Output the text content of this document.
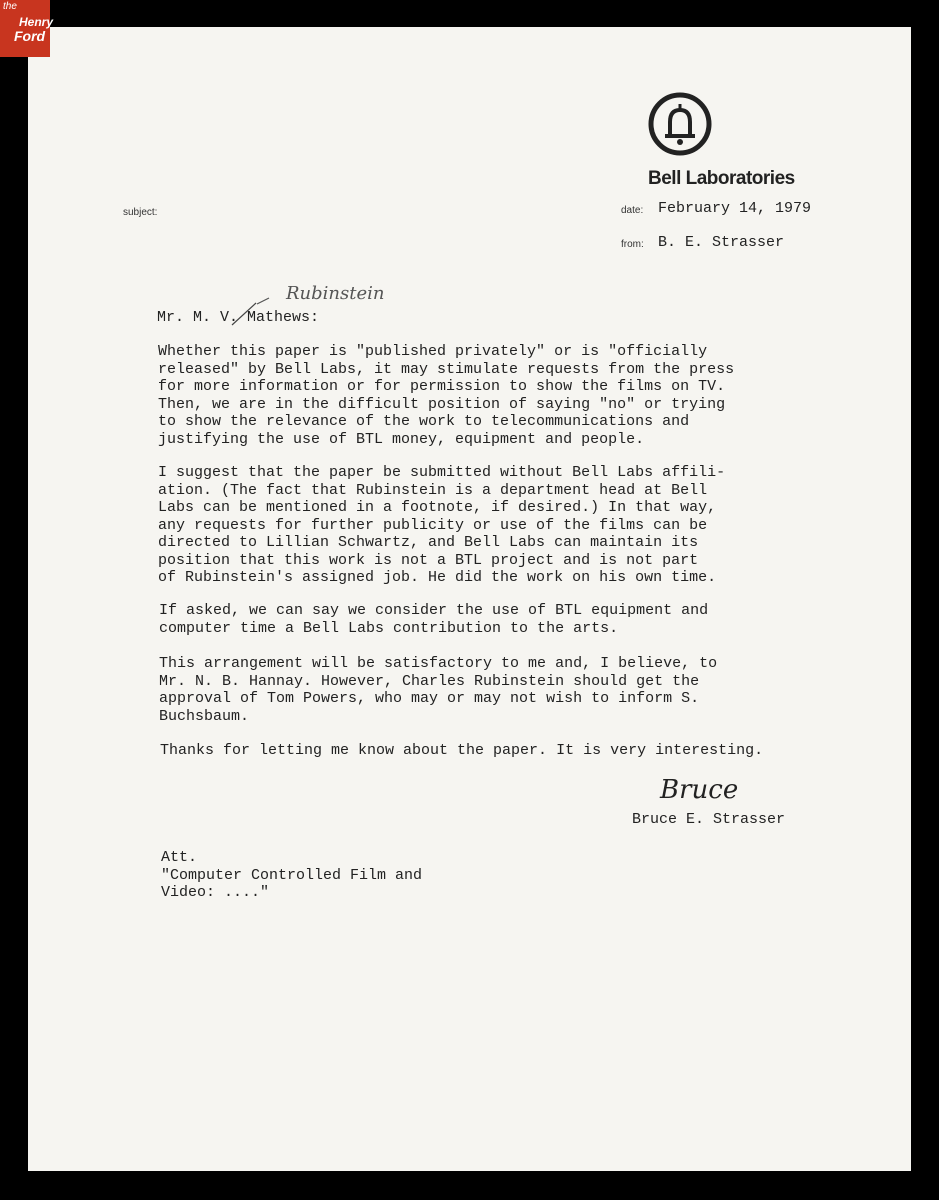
Bell Laboratories
subject:	date: February 14, 1979
from: B. E. Strasser
Rubinstein
Mr. M. V. Mathews:
Whether this paper is "published privately" or is "officially
released" by Bell Labs, it may stimulate requests from the press
for more information or for permission to show the films on TV.
Then, we are in the difficult position of saying "no" or trying
to show the relevance of the work to telecommunications and
justifying the use of BTL money, equipment and people.
I suggest that the paper be submitted without Bell Labs affili-
ation. (The fact that Rubinstein is a department head at Bell
Labs can be mentioned in a footnote, if desired.) In that way,
any requests for further publicity or use of the films can be
directed to Lillian Schwartz, and Bell Labs can maintain its
position that this work is not a BTL project and is not part
of Rubinstein's assigned job. He did the work on his own time.
If asked, we can say we consider the use of BTL equipment and
computer time a Bell Labs contribution to the arts.
This arrangement will be satisfactory to me and, I believe, to
Mr. N. B. Hannay. However, Charles Rubinstein should get the
approval of Tom Powers, who may or may not wish to inform S.
Buchsbaum.
Thanks for letting me know about the paper. It is very interesting.
Bruce
Bruce E. Strasser
Att.
"Computer Controlled Film and
Video: ...."
the
Henry
Ford
